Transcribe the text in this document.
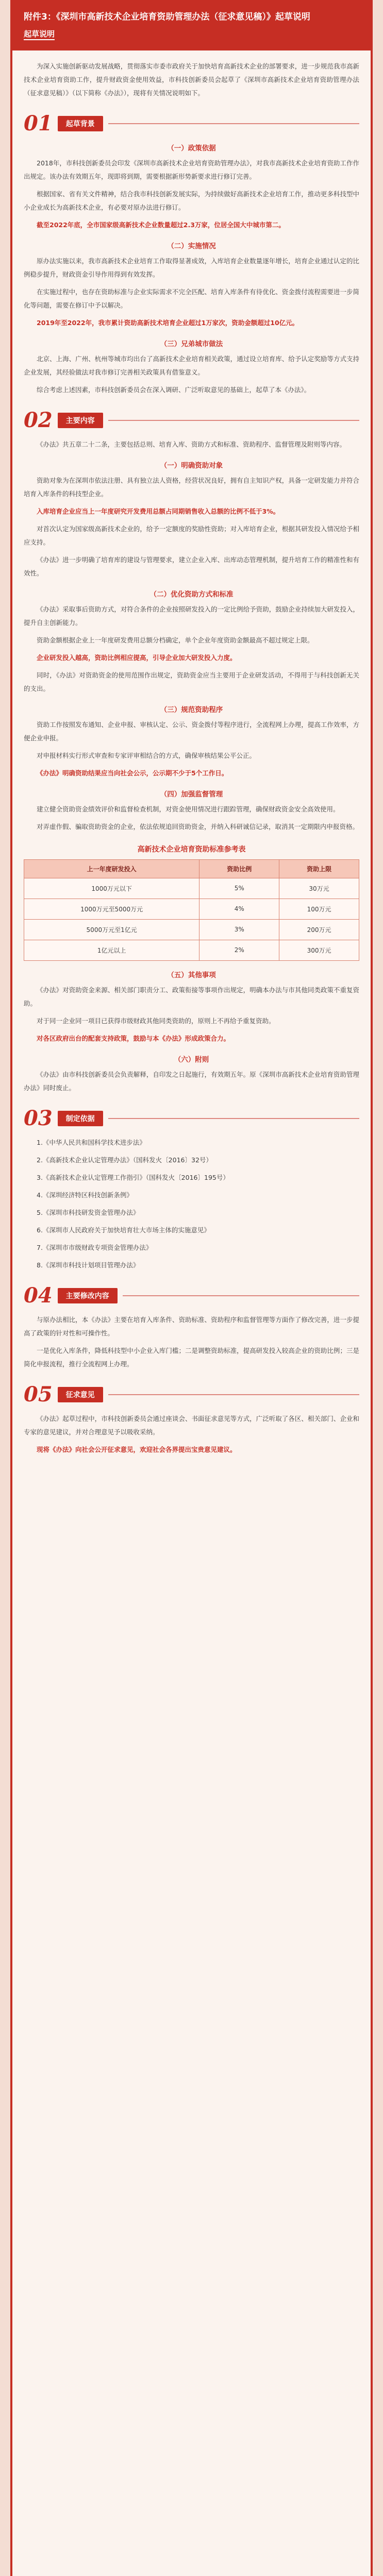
附件3：《深圳市高新技术企业培育资助管理办法（征求意见稿）》起草说明
起草说明

为深入实施创新驱动发展战略，贯彻落实市委市政府关于加快培育高新技术企业的部署要求，进一步规范我市高新技术企业培育资助工作，提升财政资金使用效益，市科技创新委员会起草了《深圳市高新技术企业培育资助管理办法（征求意见稿）》（以下简称《办法》），现将有关情况说明如下。

01	起草背景
（一）政策依据

2018年，市科技创新委员会印发《深圳市高新技术企业培育资助管理办法》，对我市高新技术企业培育资助工作作出规定。该办法有效期五年，现即将到期，需要根据新形势新要求进行修订完善。

根据国家、省有关文件精神，结合我市科技创新发展实际，为持续做好高新技术企业培育工作，推动更多科技型中小企业成长为高新技术企业，有必要对原办法进行修订。

截至2022年底，全市国家级高新技术企业数量超过2.3万家，位居全国大中城市第二。

（二）实施情况

原办法实施以来，我市高新技术企业培育工作取得显著成效，入库培育企业数量逐年增长，培育企业通过认定的比例稳步提升，财政资金引导作用得到有效发挥。

在实施过程中，也存在资助标准与企业实际需求不完全匹配、培育入库条件有待优化、资金拨付流程需要进一步简化等问题，需要在修订中予以解决。

2019年至2022年，我市累计资助高新技术培育企业超过1万家次，资助金额超过10亿元。

（三）兄弟城市做法

北京、上海、广州、杭州等城市均出台了高新技术企业培育相关政策，通过设立培育库、给予认定奖励等方式支持企业发展，其经验做法对我市修订完善相关政策具有借鉴意义。

综合考虑上述因素，市科技创新委员会在深入调研、广泛听取意见的基础上，起草了本《办法》。

02	主要内容

《办法》共五章二十二条，主要包括总则、培育入库、资助方式和标准、资助程序、监督管理及附则等内容。

（一）明确资助对象

资助对象为在深圳市依法注册、具有独立法人资格，经营状况良好，拥有自主知识产权，具备一定研发能力并符合培育入库条件的科技型企业。

入库培育企业应当上一年度研究开发费用总额占同期销售收入总额的比例不低于3%。

对首次认定为国家级高新技术企业的，给予一定额度的奖励性资助；对入库培育企业，根据其研发投入情况给予相应支持。

《办法》进一步明确了培育库的建设与管理要求，建立企业入库、出库动态管理机制，提升培育工作的精准性和有效性。

（二）优化资助方式和标准

《办法》采取事后资助方式，对符合条件的企业按照研发投入的一定比例给予资助，鼓励企业持续加大研发投入，提升自主创新能力。

资助金额根据企业上一年度研发费用总额分档确定，单个企业年度资助金额最高不超过规定上限。

企业研发投入越高，资助比例相应提高，引导企业加大研发投入力度。

同时，《办法》对资助资金的使用范围作出规定，资助资金应当主要用于企业研发活动，不得用于与科技创新无关的支出。

（三）规范资助程序

资助工作按照发布通知、企业申报、审核认定、公示、资金拨付等程序进行，全流程网上办理，提高工作效率，方便企业申报。

对申报材料实行形式审查和专家评审相结合的方式，确保审核结果公平公正。

《办法》明确资助结果应当向社会公示，公示期不少于5个工作日。

（四）加强监督管理

建立健全资助资金绩效评价和监督检查机制，对资金使用情况进行跟踪管理，确保财政资金安全高效使用。

对弄虚作假、骗取资助资金的企业，依法依规追回资助资金，并纳入科研诚信记录，取消其一定期限内申报资格。

高新技术企业培育资助标准参考表
上一年度研发投入	资助比例	资助上限
1000万元以下	5%	30万元
1000万元至5000万元	4%	100万元
5000万元至1亿元	3%	200万元
1亿元以上	2%	300万元
（五）其他事项

《办法》对资助资金来源、相关部门职责分工、政策衔接等事项作出规定，明确本办法与市其他同类政策不重复资助。

对于同一企业同一项目已获得市级财政其他同类资助的，原则上不再给予重复资助。

对各区政府出台的配套支持政策，鼓励与本《办法》形成政策合力。

（六）附则

《办法》由市科技创新委员会负责解释，自印发之日起施行，有效期五年。原《深圳市高新技术企业培育资助管理办法》同时废止。

03	制定依据

1.《中华人民共和国科学技术进步法》

2.《高新技术企业认定管理办法》（国科发火〔2016〕32号）

3.《高新技术企业认定管理工作指引》（国科发火〔2016〕195号）

4.《深圳经济特区科技创新条例》

5.《深圳市科技研发资金管理办法》

6.《深圳市人民政府关于加快培育壮大市场主体的实施意见》

7.《深圳市市级财政专项资金管理办法》

8.《深圳市科技计划项目管理办法》

04	主要修改内容

与原办法相比，本《办法》主要在培育入库条件、资助标准、资助程序和监督管理等方面作了修改完善，进一步提高了政策的针对性和可操作性。

一是优化入库条件，降低科技型中小企业入库门槛；二是调整资助标准，提高研发投入较高企业的资助比例；三是简化申报流程，推行全流程网上办理。

05	征求意见

《办法》起草过程中，市科技创新委员会通过座谈会、书面征求意见等方式，广泛听取了各区、相关部门、企业和专家的意见建议，并对合理意见予以吸收采纳。

现将《办法》向社会公开征求意见，欢迎社会各界提出宝贵意见建议。
